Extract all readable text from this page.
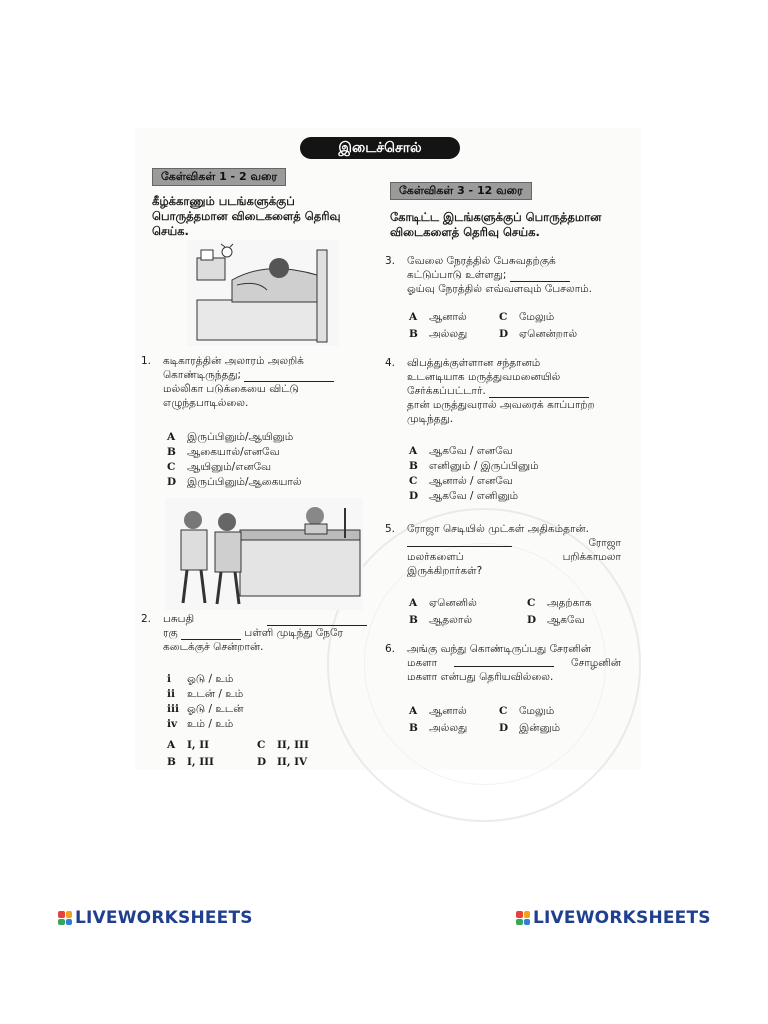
இடைச்சொல்
கேள்விகள் 1 - 2 வரை
கீழ்க்காணும் படங்களுக்குப் பொருத்தமான விடைகளைத் தெரிவு செய்க.
1. கடிகாரத்தின் அலாரம் அலறிக்
கொண்டிருந்தது;
மல்லிகா படுக்கையை விட்டு
எழுந்தபாடில்லை.
A	இருப்பினும்/ஆயினும்
B	ஆகையால்/எனவே
C	ஆயினும்/எனவே
D	இருப்பினும்/ஆகையால்
2. பசுபதி
ரகு	பள்ளி முடிந்து நேரே
கடைக்குச் சென்றான்.
i	ஓடு / உம்
ii	உடன் / உம்
iii ஓடு / உடன்
iv உம் / உம்
A	I, II	C	II, III
B	I, III	D	II, IV
கேள்விகள் 3 - 12 வரை
கோடிட்ட இடங்களுக்குப் பொருத்தமான விடைகளைத் தெரிவு செய்க.
3. வேலை நேரத்தில் பேசுவதற்குக்
கட்டுப்பாடு உள்ளது;
ஓய்வு நேரத்தில் எவ்வளவும் பேசலாம்.
A	ஆனால்	C	மேலும்
B	அல்லது	D	ஏனென்றால்
4. விபத்துக்குள்ளான சந்தானம்
உடனடியாக மருத்துவமனையில்
சேர்க்கப்பட்டார்.
தான் மருத்துவரால் அவரைக் காப்பாற்ற
முடிந்தது.
A	ஆகவே / எனவே
B	எனினும் / இருப்பினும்
C	ஆனால் / எனவே
D	ஆகவே / எனினும்
5. ரோஜா செடியில் முட்கள் அதிகம்தான்.
ரோஜா
மலர்களைப்	பறிக்காமலா
இருக்கிறார்கள்?
A	ஏனெனில்	C	அதற்காக
B	ஆதலால்	D	ஆகவே
6. அங்கு வந்து கொண்டிருப்பது சேரனின்
மகளா	சோழனின்
மகளா என்பது தெரியவில்லை.
A	ஆனால்	C	மேலும்
B	அல்லது	D	இன்னும்
LIVEWORKSHEETS	LIVEWORKSHEETS
